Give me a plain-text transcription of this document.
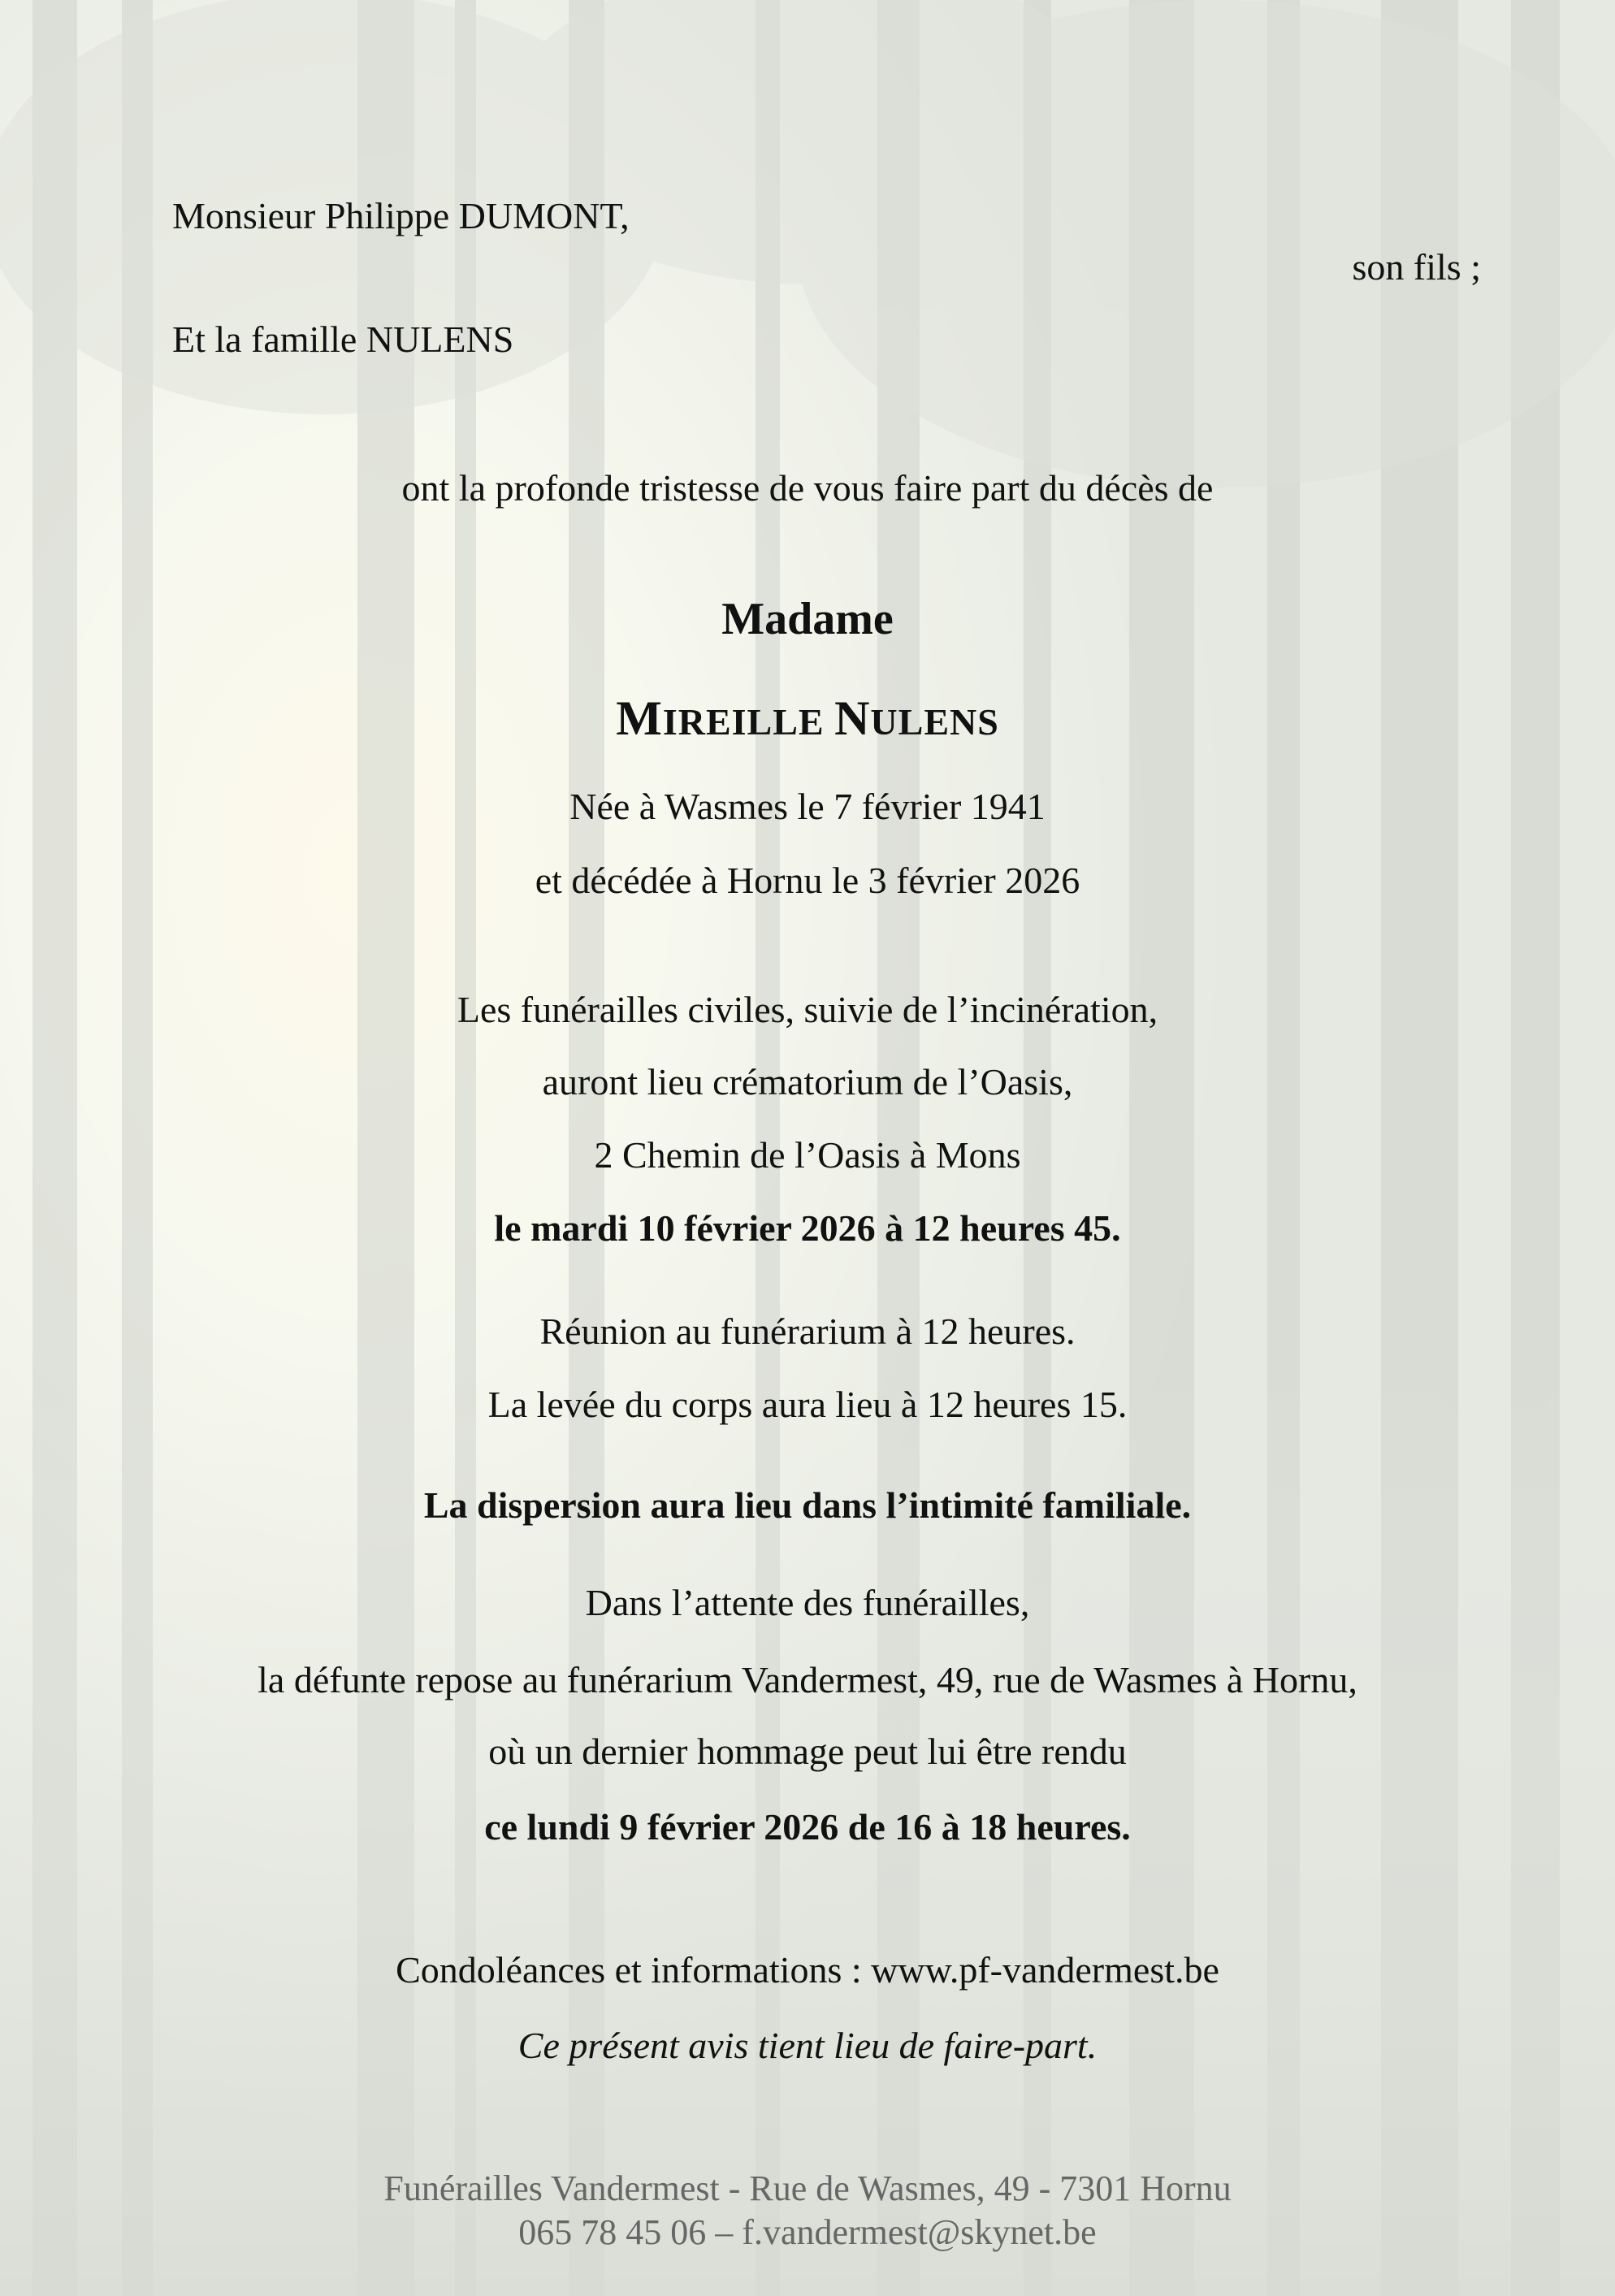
Monsieur Philippe DUMONT,
son fils ;
Et la famille NULENS
ont la profonde tristesse de vous faire part du décès de
Madame
MIREILLE NULENS
Née à Wasmes le 7 février 1941
et décédée à Hornu le 3 février 2026
Les funérailles civiles, suivie de l’incinération,
auront lieu crématorium de l’Oasis,
2 Chemin de l’Oasis à Mons
le mardi 10 février 2026 à 12 heures 45.
Réunion au funérarium à 12 heures.
La levée du corps aura lieu à 12 heures 15.
La dispersion aura lieu dans l’intimité familiale.
Dans l’attente des funérailles,
la défunte repose au funérarium Vandermest, 49, rue de Wasmes à Hornu,
où un dernier hommage peut lui être rendu
ce lundi 9 février 2026 de 16 à 18 heures.
Condoléances et informations : www.pf-vandermest.be
Ce présent avis tient lieu de faire-part.
Funérailles Vandermest - Rue de Wasmes, 49 - 7301 Hornu
065 78 45 06 – f.vandermest@skynet.be
